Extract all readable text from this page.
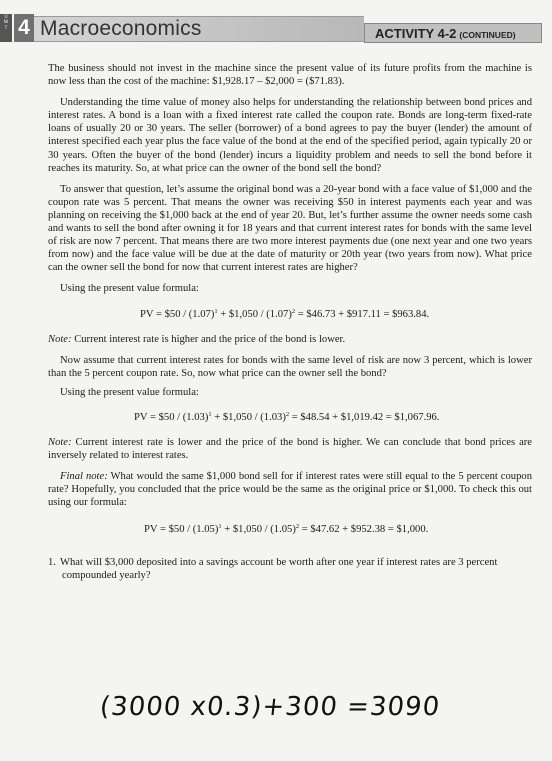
UNIT 4 Macroeconomics	ACTIVITY 4-2 (CONTINUED)

The business should not invest in the machine since the present value of its future profits from the machine is now less than the cost of the machine: $1,928.17 – $2,000 = ($71.83).

Understanding the time value of money also helps for understanding the relationship between bond prices and interest rates. A bond is a loan with a fixed interest rate called the coupon rate. Bonds are long-term fixed-rate loans of usually 20 or 30 years. The seller (borrower) of a bond agrees to pay the buyer (lender) the amount of interest specified each year plus the face value of the bond at the end of the specified period, again typically 20 or 30 years. Often the buyer of the bond (lender) incurs a liquidity problem and needs to sell the bond before it reaches its maturity. So, at what price can the owner of the bond sell the bond?

To answer that question, let’s assume the original bond was a 20-year bond with a face value of $1,000 and the coupon rate was 5 percent. That means the owner was receiving $50 in interest payments each year and was planning on receiving the $1,000 back at the end of year 20. But, let’s further assume the owner needs some cash and wants to sell the bond after owning it for 18 years and that current interest rates for bonds with the same level of risk are now 7 percent. That means there are two more interest payments due (one next year and one two years from now) and the face value will be due at the date of maturity or 20th year (two years from now). What price can the owner sell the bond for now that current interest rates are higher?

Using the present value formula:

PV = $50 / $(1.07)^1$ + $1,050 / $(1.07)^2$ = $46.73 + $917.11 = $963.84.

Note: Current interest rate is higher and the price of the bond is lower.

Now assume that current interest rates for bonds with the same level of risk are now 3 percent, which is lower than the 5 percent coupon rate. So, now what price can the owner sell the bond?

Using the present value formula:

PV = $50 / $(1.03)^1$ + $1,050 / $(1.03)^2$ = $48.54 + $1,019.42 = $1,067.96.

Note: Current interest rate is lower and the price of the bond is higher. We can conclude that bond prices are inversely related to interest rates.

Final note: What would the same $1,000 bond sell for if interest rates were still equal to the 5 percent coupon rate? Hopefully, you concluded that the price would be the same as the original price or $1,000. To check this out using our formula:

PV = $50 / $(1.05)^1$ + $1,050 / $(1.05)^2$ = $47.62 + $952.38 = $1,000.

1. What will $3,000 deposited into a savings account be worth after one year if interest rates are 3 percent compounded yearly?

(3000 x0.3)+300 =3090
